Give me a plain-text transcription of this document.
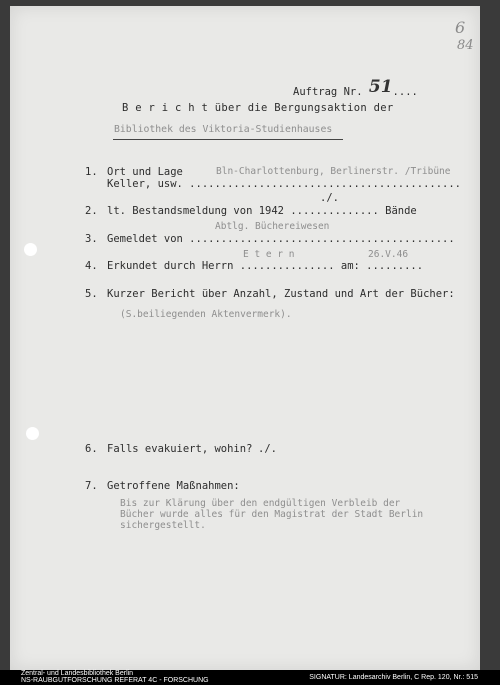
6
84
Auftrag Nr. 51....
B e r i c h t über die Bergungsaktion der
Bibliothek des Viktoria-Studienhauses
1. Ort und Lage	Bln-Charlottenburg, Berlinerstr. /Tribüne
Keller, usw. ...........................................
./.
2. lt. Bestandsmeldung von 1942 .............. Bände
Abtlg. Büchereiwesen
3. Gemeldet von ..........................................
E t e r n	26.V.46
4. Erkundet durch Herrn ............... am: .........
5. Kurzer Bericht über Anzahl, Zustand und Art der Bücher:
(S.beiliegenden Aktenvermerk).
6. Falls evakuiert, wohin? ./.
7. Getroffene Maßnahmen:
Bis zur Klärung über den endgültigen Verbleib der
Bücher wurde alles für den Magistrat der Stadt Berlin
sichergestellt.
Zentral- und Landesbibliothek Berlin
NS-RAUBGUTFORSCHUNG REFERAT 4C - FORSCHUNG	SIGNATUR: Landesarchiv Berlin, C Rep. 120, Nr.: 515
